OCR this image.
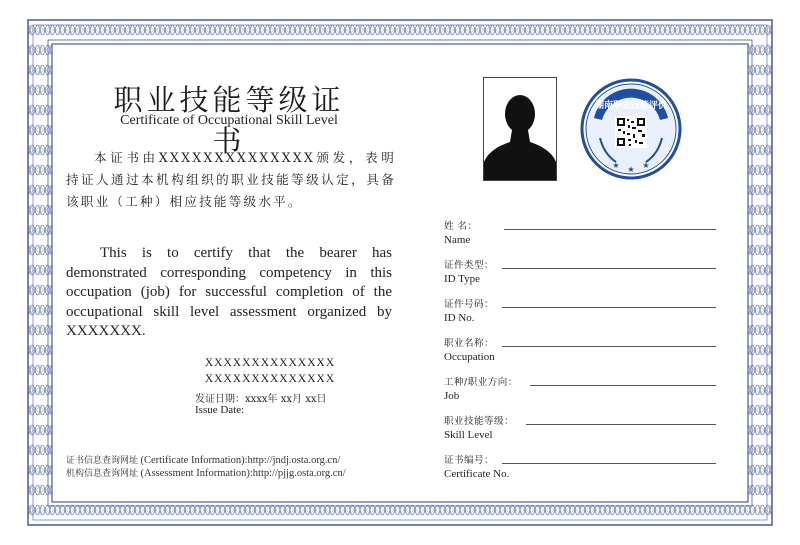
职业技能等级证书
Certificate of Occupational Skill Level
本证书由XXXXXXXXXXXXXX颁发，表明持证人通过本机构组织的职业技能等级认定，具备该职业（工种）相应技能等级水平。
This is to certify that the bearer has demonstrated corresponding competency in this occupation (job) for successful completion of the occupational skill level assessment organized by XXXXXXX.
XXXXXXXXXXXXXX
XXXXXXXXXXXXXX
发证日期：xxxx年 xx月 xx日
Issue Date:
证书信息查询网址 (Certificate Information):http://jndj.osta.org.cn/
机构信息查询网址 (Assessment Information):http://pjjg.osta.org.cn/
湖南职业技能评价
★ ★ ★
姓 名：
Name
证件类型：
ID Type
证件号码：
ID No.
职业名称：
Occupation
工种/职业方向：
Job
职业技能等级：
Skill Level
证书编号：
Certificate No.
